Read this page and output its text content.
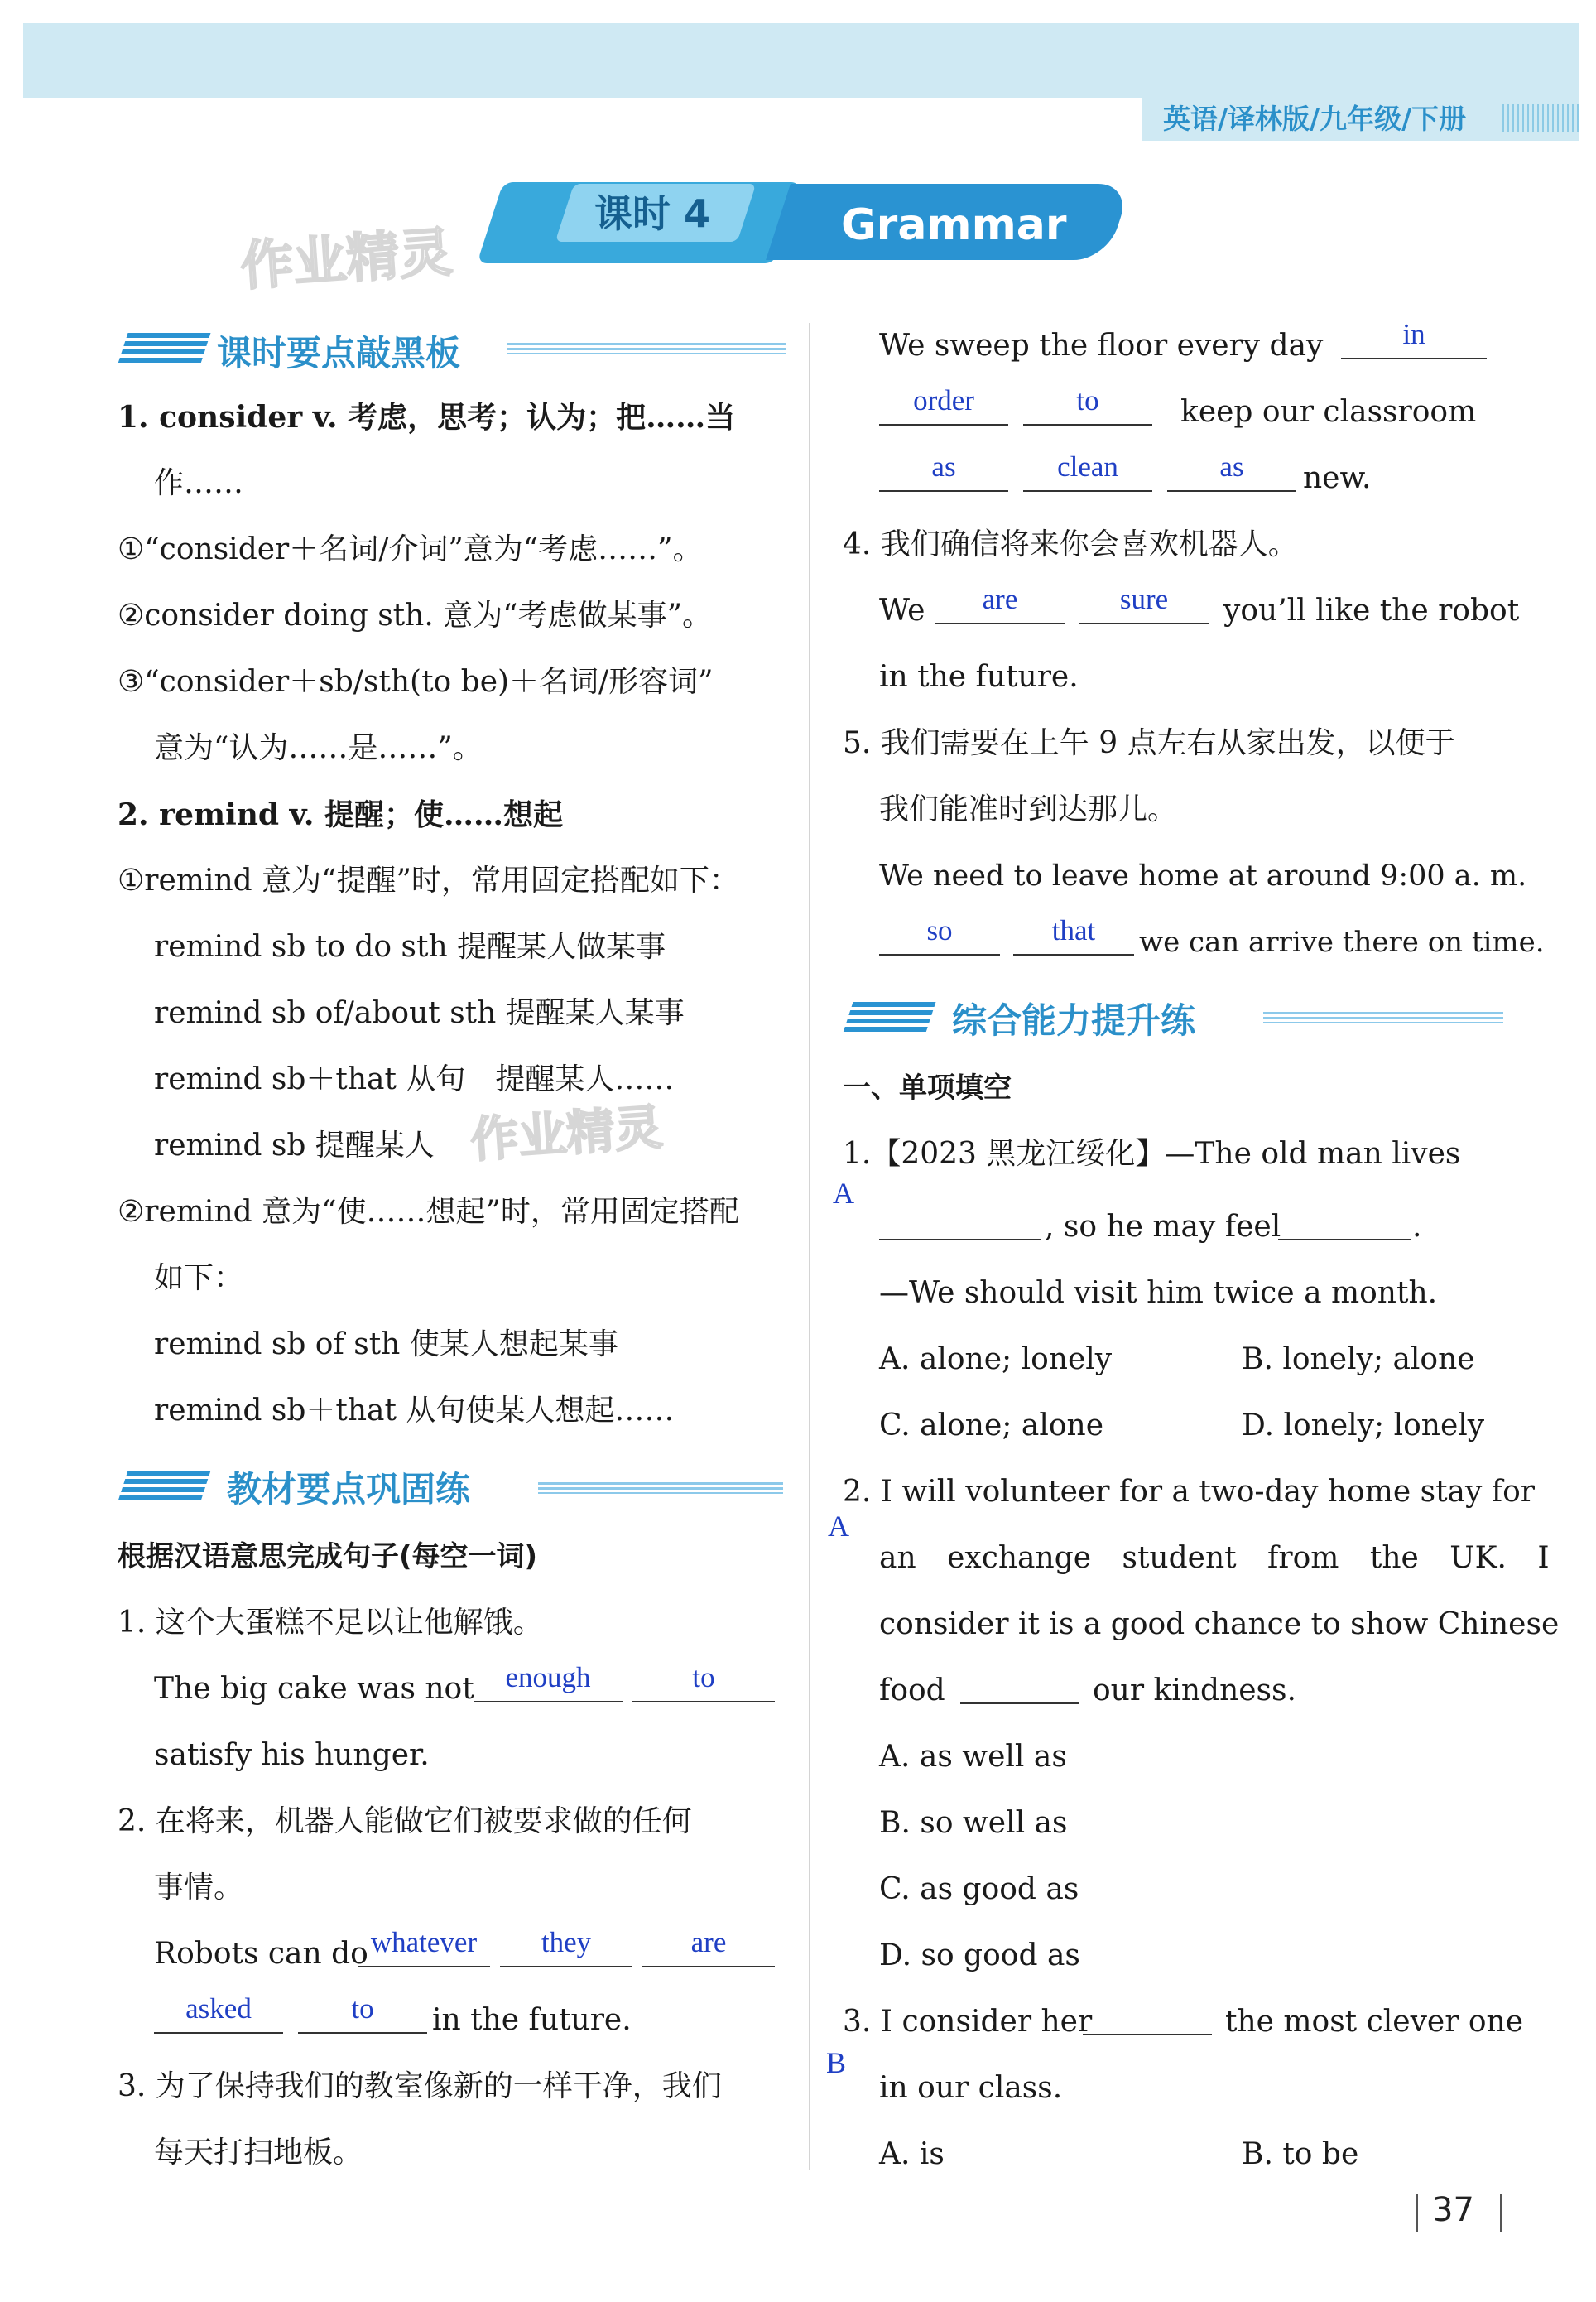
英语/译林版/九年级/下册
作业精灵
作业精灵
课时 4	Grammar
课时要点敲黑板
1. consider v. 考虑，思考；认为；把……当
作……
①“consider＋名词/介词”意为“考虑……”。
②consider doing sth. 意为“考虑做某事”。
③“consider＋sb/sth(to be)＋名词/形容词”
意为“认为……是……”。
2. remind v. 提醒；使……想起
①remind 意为“提醒”时，常用固定搭配如下：
remind sb to do sth 提醒某人做某事
remind sb of/about sth 提醒某人某事
remind sb＋that 从句　提醒某人……
remind sb 提醒某人
②remind 意为“使……想起”时，常用固定搭配
如下：
remind sb of sth 使某人想起某事
remind sb＋that 从句使某人想起……
教材要点巩固练
根据汉语意思完成句子(每空一词)
1. 这个大蛋糕不足以让他解饿。
The big cake was not	enough	to
satisfy his hunger.
2. 在将来，机器人能做它们被要求做的任何
事情。
Robots can do whatever	they	are
asked	to	in the future.
3. 为了保持我们的教室像新的一样干净，我们
每天打扫地板。
We sweep the floor every day	in
order	to	keep our classroom
as	clean	as	new.
4. 我们确信将来你会喜欢机器人。
We	are	sure	you’ll like the robot
in the future.
5. 我们需要在上午 9 点左右从家出发，以便于
我们能准时到达那儿。
We need to leave home at around 9:00 a. m.
so	that	we can arrive there on time.
综合能力提升练
一、单项填空
1.【2023 黑龙江绥化】—The old man lives
A
, so he may feel	.
—We should visit him twice a month.
A. alone; lonely	B. lonely; alone
C. alone; alone	D. lonely; lonely
2. I will volunteer for a two-day home stay for
A
an exchange student from the UK. I
consider it is a good chance to show Chinese
food	our kindness.
A. as well as
B. so well as
C. as good as
D. so good as
3. I consider her	the most clever one
B
in our class.
A. is	B. to be
37
